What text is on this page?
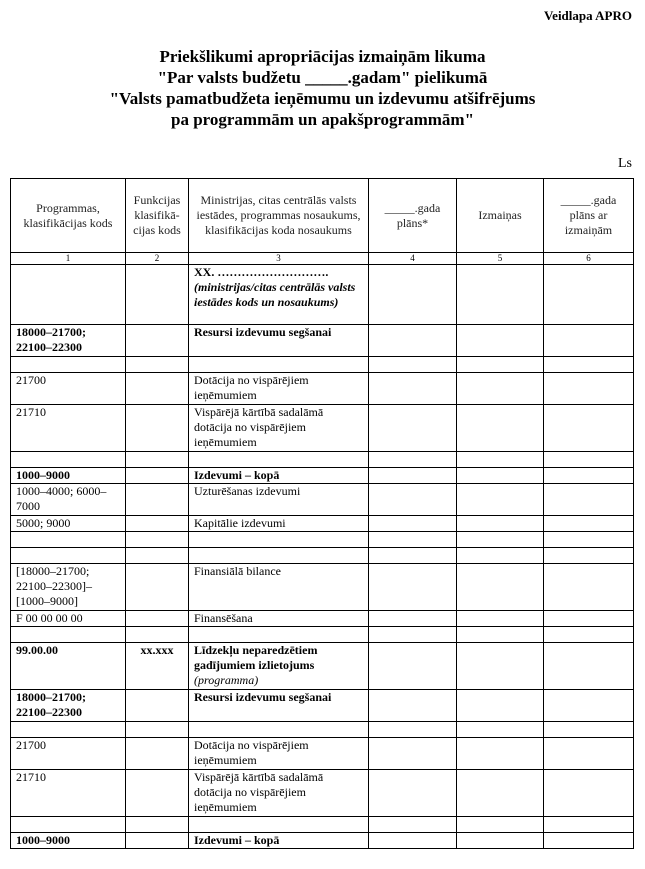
Veidlapa APRO
Priekšlikumi apropriācijas izmaiņām likuma
"Par valsts budžetu _____.gadam" pielikumā
"Valsts pamatbudžeta ieņēmumu un izdevumu atšifrējums
pa programmām un apakšprogrammām"
Ls
Programmas, klasifikācijas kods	Funkcijas klasifikā-cijas kods	Ministrijas, citas centrālās valsts iestādes, programmas nosaukums, klasifikācijas koda nosaukums	_____.gada plāns*	Izmaiņas	_____.gada plāns ar izmaiņām
1	2	3	4	5	6
		XX. ……………………….
(ministrijas/citas centrālās valsts iestādes kods un nosaukums)			

18000–21700; 22100–22300		Resursi izdevumu segšanai			

21700		Dotācija no vispārējiem ieņēmumiem			
21710		Vispārējā kārtībā sadalāmā dotācija no vispārējiem ieņēmumiem			

1000–9000		Izdevumi – kopā			
1000–4000; 6000–7000		Uzturēšanas izdevumi			
5000; 9000		Kapitālie izdevumi			

[18000–21700; 22100–22300]–[1000–9000]		Finansiālā bilance			
F 00 00 00 00		Finansēšana			

99.00.00	xx.xxx	Līdzekļu neparedzētiem gadījumiem izlietojums
(programma)			

18000–21700; 22100–22300		Resursi izdevumu segšanai			

21700		Dotācija no vispārējiem ieņēmumiem			
21710		Vispārējā kārtībā sadalāmā dotācija no vispārējiem ieņēmumiem			

1000–9000		Izdevumi – kopā			
